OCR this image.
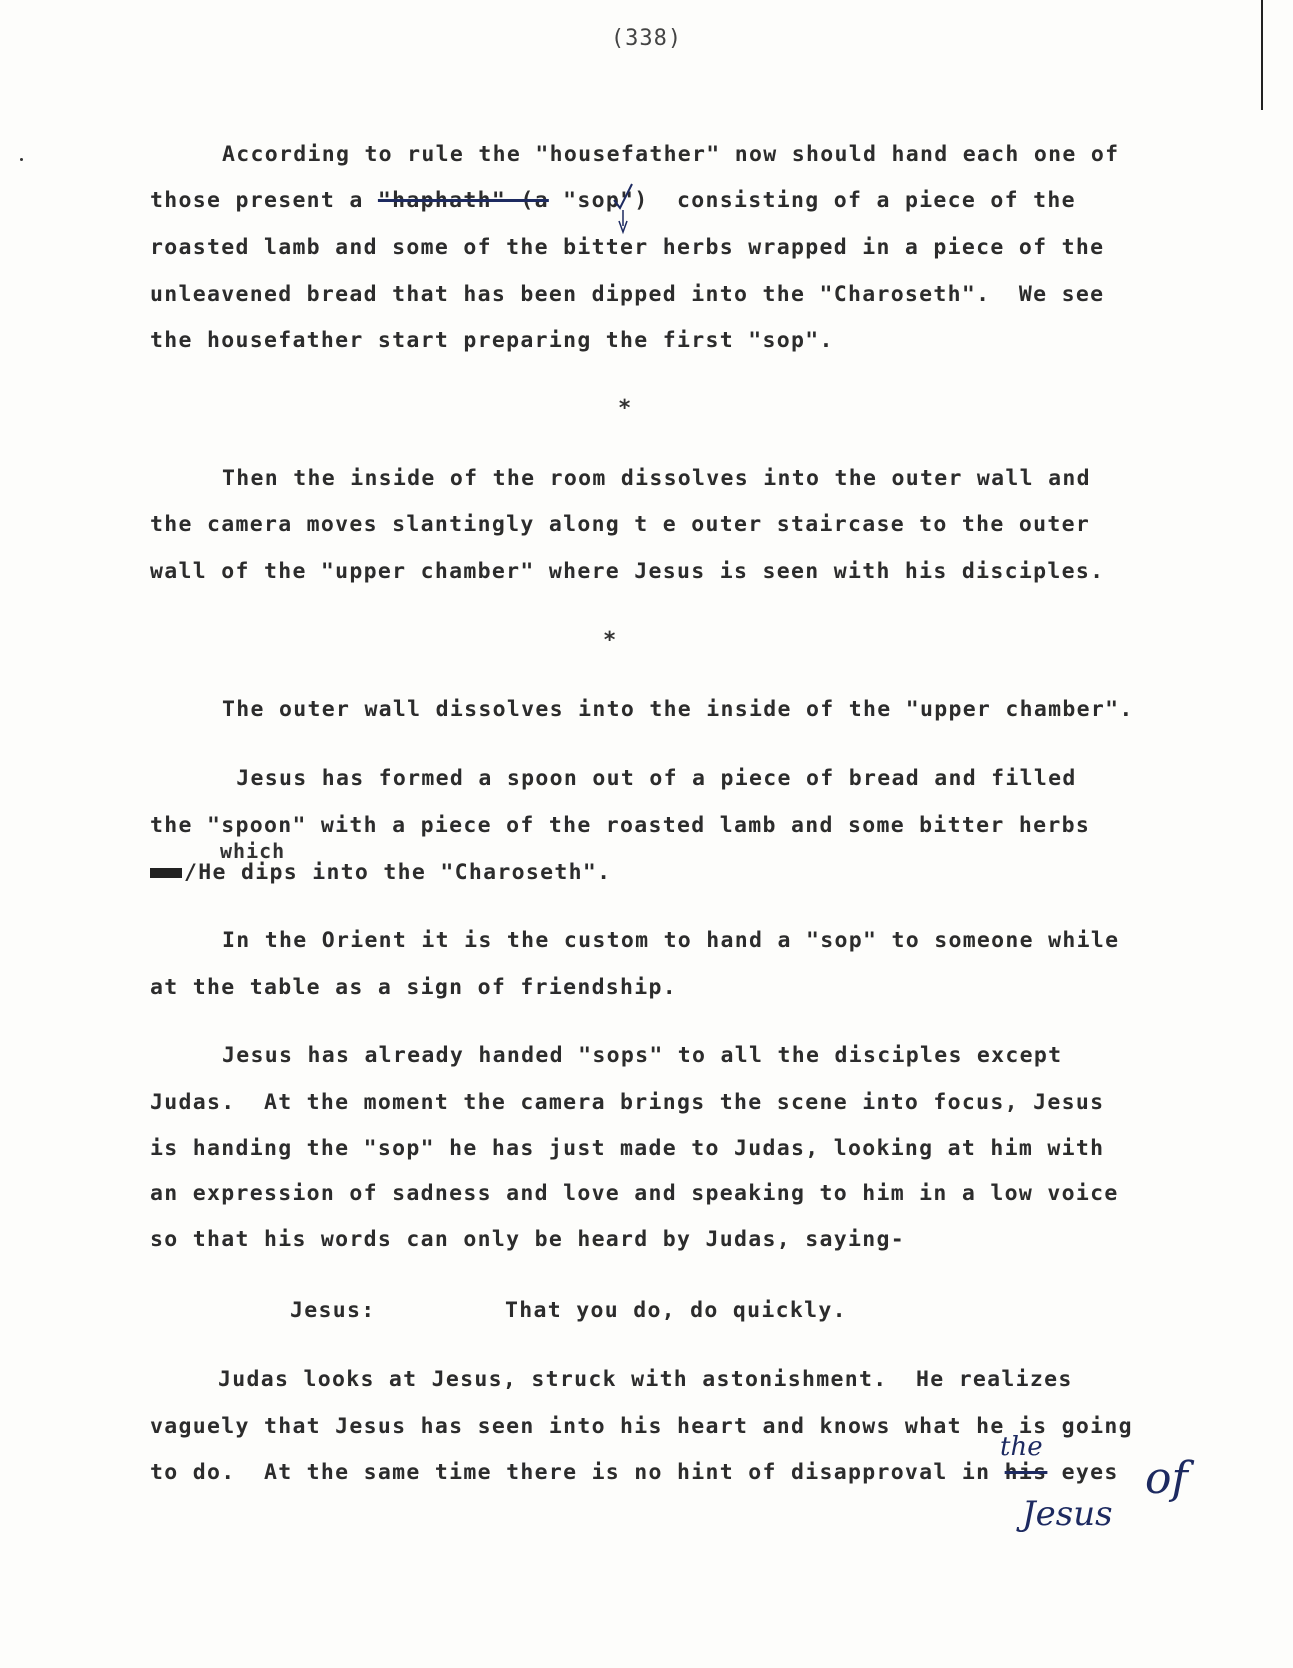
(338)
According to rule the "housefather" now should hand each one of
those present a "haphath" (a "sop")  consisting of a piece of the
roasted lamb and some of the bitter herbs wrapped in a piece of the
unleavened bread that has been dipped into the "Charoseth".  We see
the housefather start preparing the first "sop".
*
Then the inside of the room dissolves into the outer wall and
the camera moves slantingly along t e outer staircase to the outer
wall of the "upper chamber" where Jesus is seen with his disciples.
*
The outer wall dissolves into the inside of the "upper chamber".
Jesus has formed a spoon out of a piece of bread and filled
the "spoon" with a piece of the roasted lamb and some bitter herbs
which
/He dips into the "Charoseth".
In the Orient it is the custom to hand a "sop" to someone while
at the table as a sign of friendship.
Jesus has already handed "sops" to all the disciples except
Judas.  At the moment the camera brings the scene into focus, Jesus
is handing the "sop" he has just made to Judas, looking at him with
an expression of sadness and love and speaking to him in a low voice
so that his words can only be heard by Judas, saying-
Jesus:	That you do, do quickly.
Judas looks at Jesus, struck with astonishment.  He realizes
vaguely that Jesus has seen into his heart and knows what he is going
to do.  At the same time there is no hint of disapproval in his eyes
the
of
Jesus
